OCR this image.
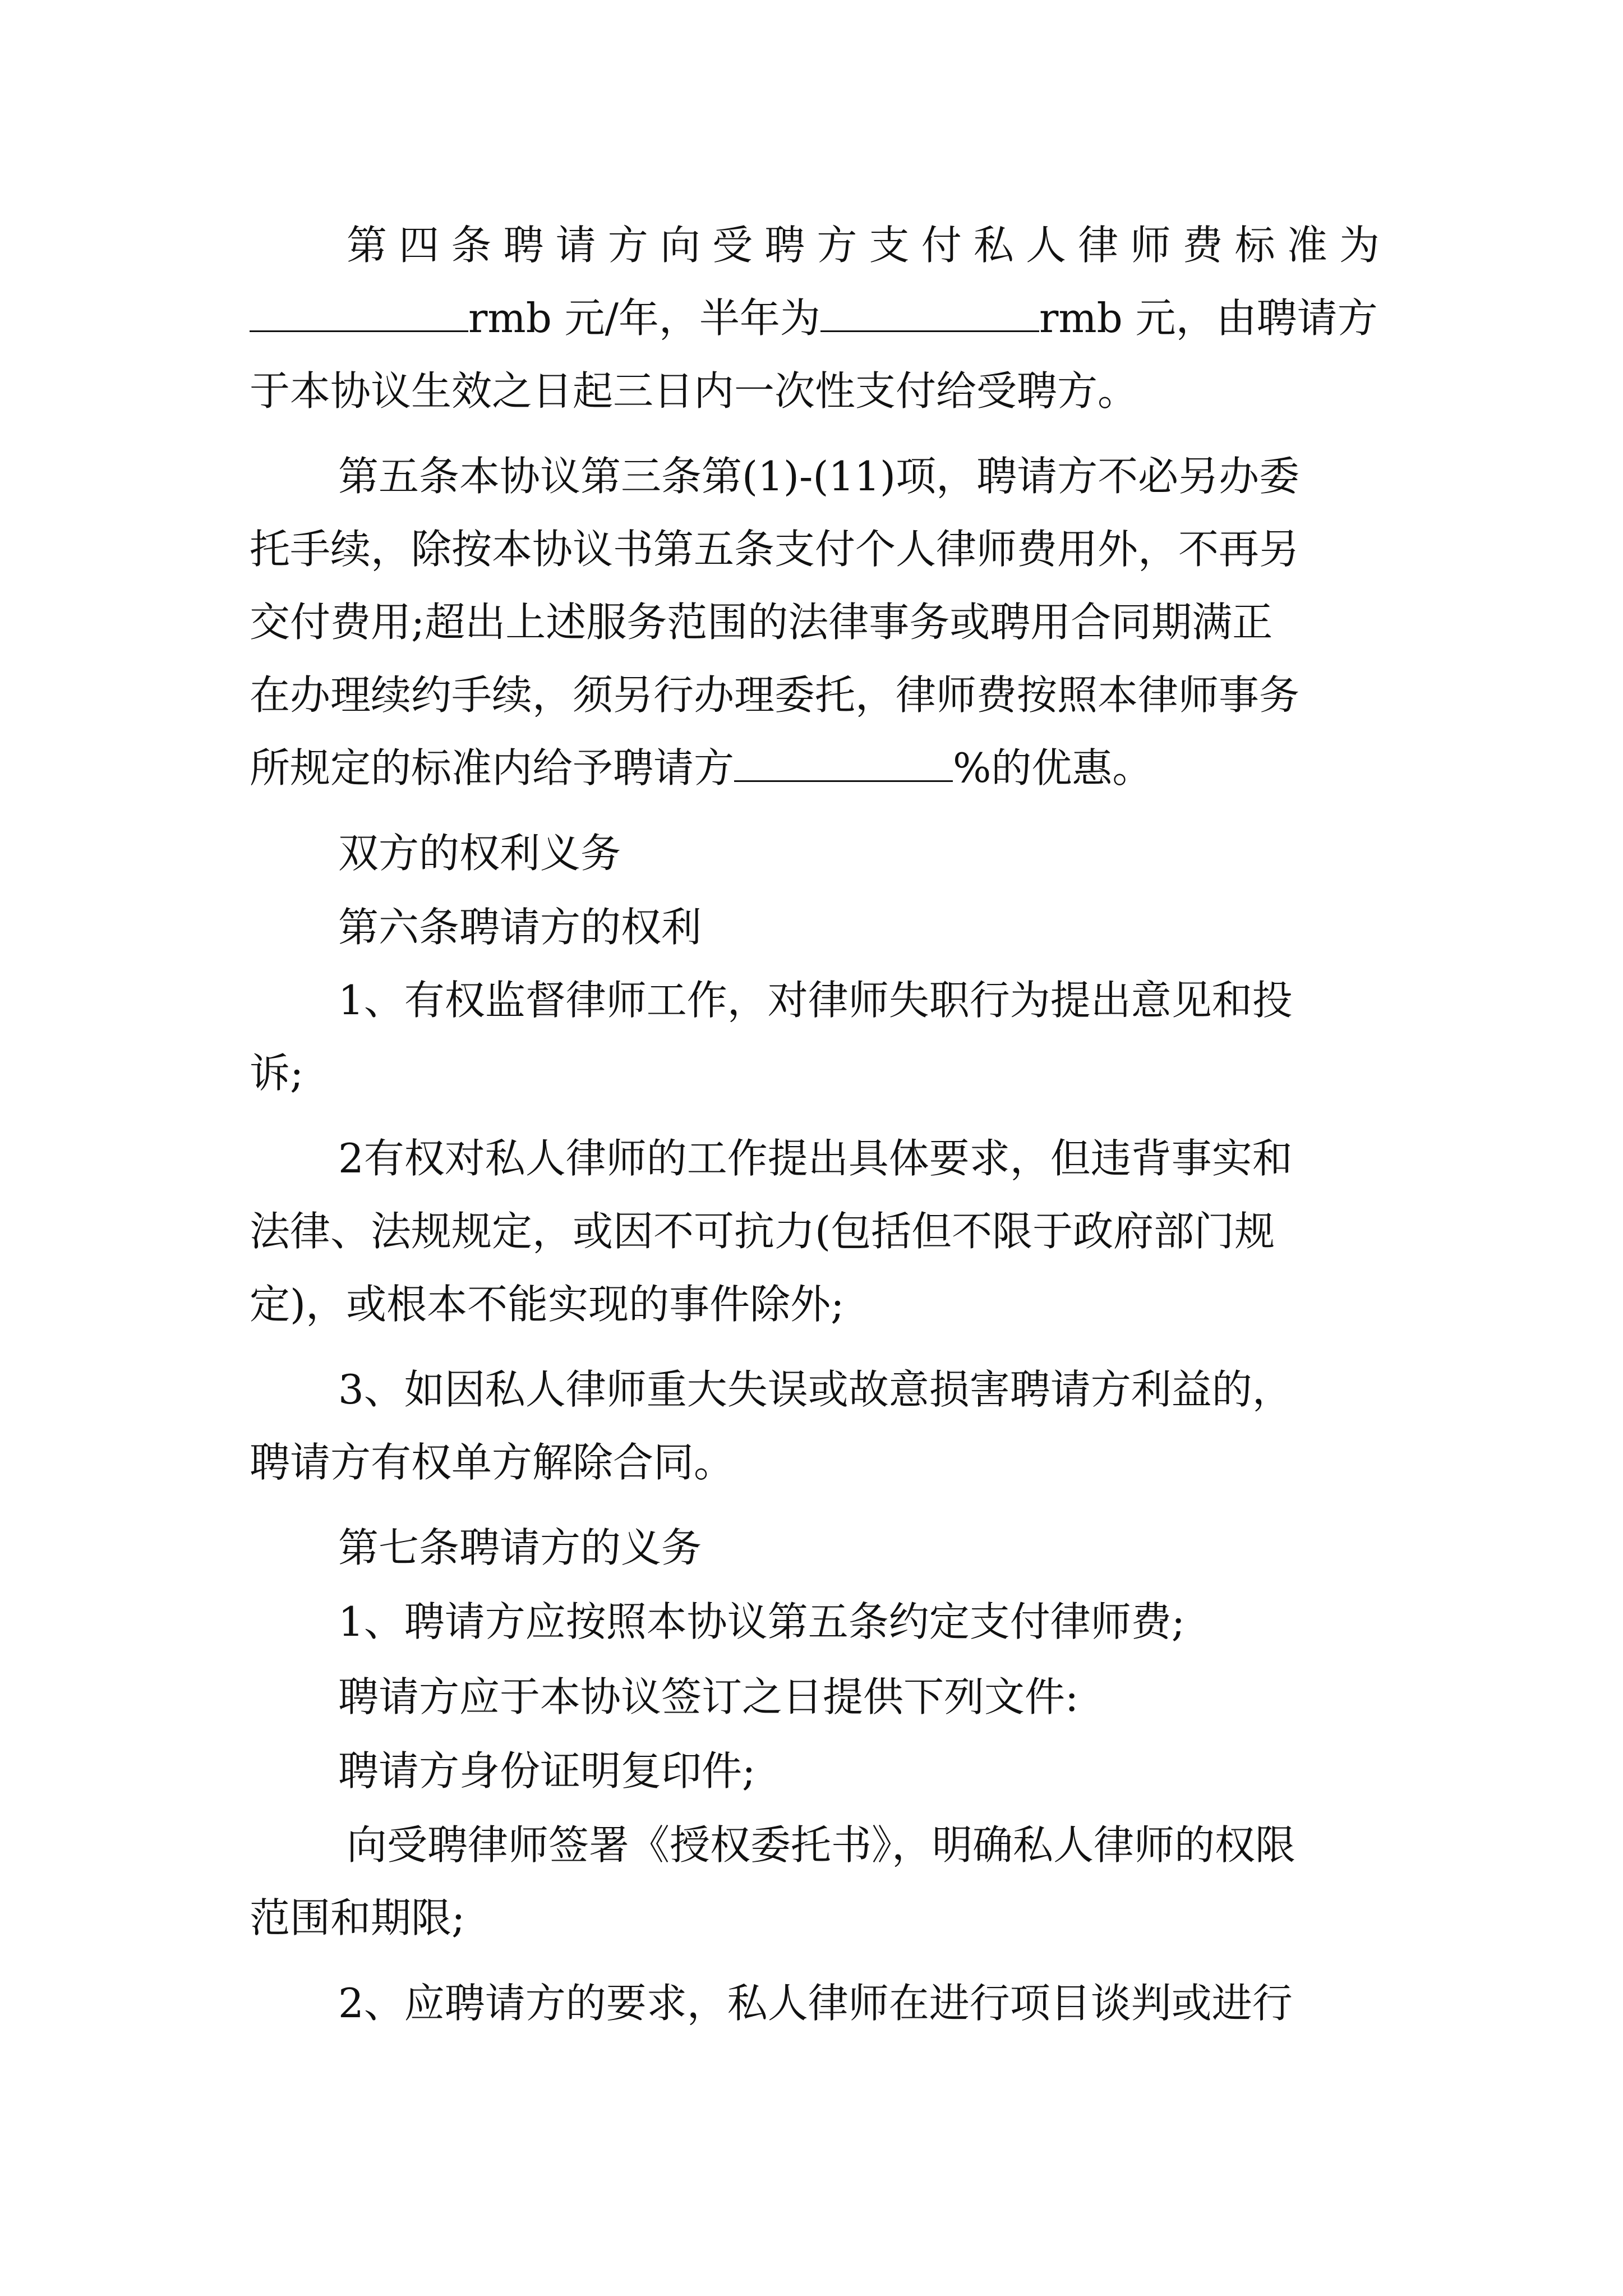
第四条聘请方向受聘方支付私人律师费标准为
rmb 元/年，半年为	rmb 元，由聘请方
于本协议生效之日起三日内一次性支付给受聘方。
第五条本协议第三条第(1)-(11)项，聘请方不必另办委
托手续，除按本协议书第五条支付个人律师费用外，不再另
交付费用;超出上述服务范围的法律事务或聘用合同期满正
在办理续约手续，须另行办理委托，律师费按照本律师事务
所规定的标准内给予聘请方	%的优惠。
双方的权利义务
第六条聘请方的权利
1、有权监督律师工作，对律师失职行为提出意见和投
诉;
2有权对私人律师的工作提出具体要求，但违背事实和
法律、法规规定，或因不可抗力(包括但不限于政府部门规
定)，或根本不能实现的事件除外;
3、如因私人律师重大失误或故意损害聘请方利益的，
聘请方有权单方解除合同。
第七条聘请方的义务
1、聘请方应按照本协议第五条约定支付律师费;
聘请方应于本协议签订之日提供下列文件:
聘请方身份证明复印件;
向受聘律师签署《授权委托书》，明确私人律师的权限
范围和期限;
2、应聘请方的要求，私人律师在进行项目谈判或进行
